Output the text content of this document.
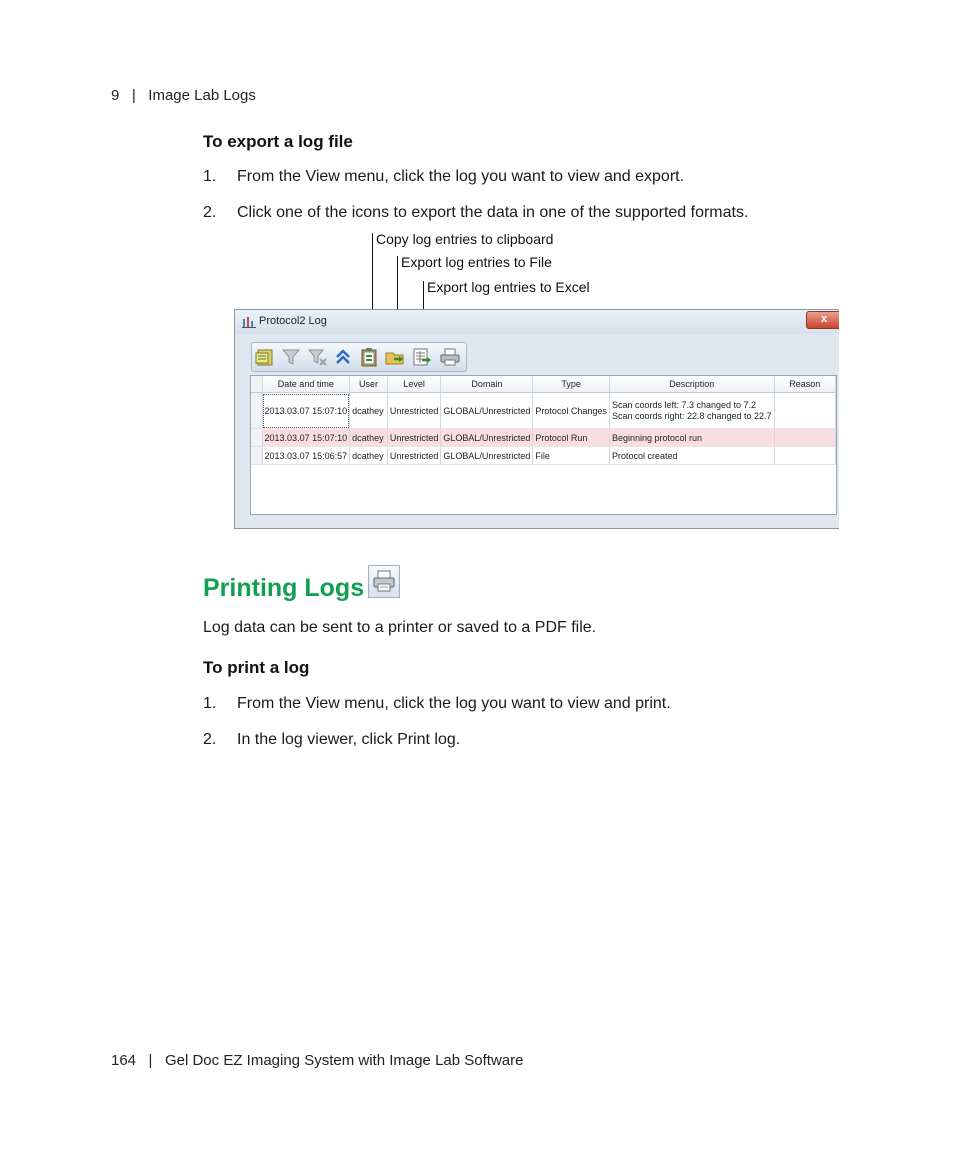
9 | Image Lab Logs
To export a log file
1. From the View menu, click the log you want to view and export.
2. Click one of the icons to export the data in one of the supported formats.
Copy log entries to clipboard
Export log entries to File
Export log entries to Excel
Protocol2 Log	x
	Date and time	User	Level	Domain	Type	Description	Reason
	2013.03.07 15:07:10	dcathey	Unrestricted	GLOBAL/Unrestricted	Protocol Changes	Scan coords left: 7.3 changed to 7.2
Scan coords right: 22.8 changed to 22.7	

	2013.03.07 15:07:10	dcathey	Unrestricted	GLOBAL/Unrestricted	Protocol Run	Beginning protocol run	
	2013.03.07 15:06:57	dcathey	Unrestricted	GLOBAL/Unrestricted	File	Protocol created	
Printing Logs
Log data can be sent to a printer or saved to a PDF file.
To print a log
1. From the View menu, click the log you want to view and print.
2. In the log viewer, click Print log.
164 | Gel Doc EZ Imaging System with Image Lab Software
